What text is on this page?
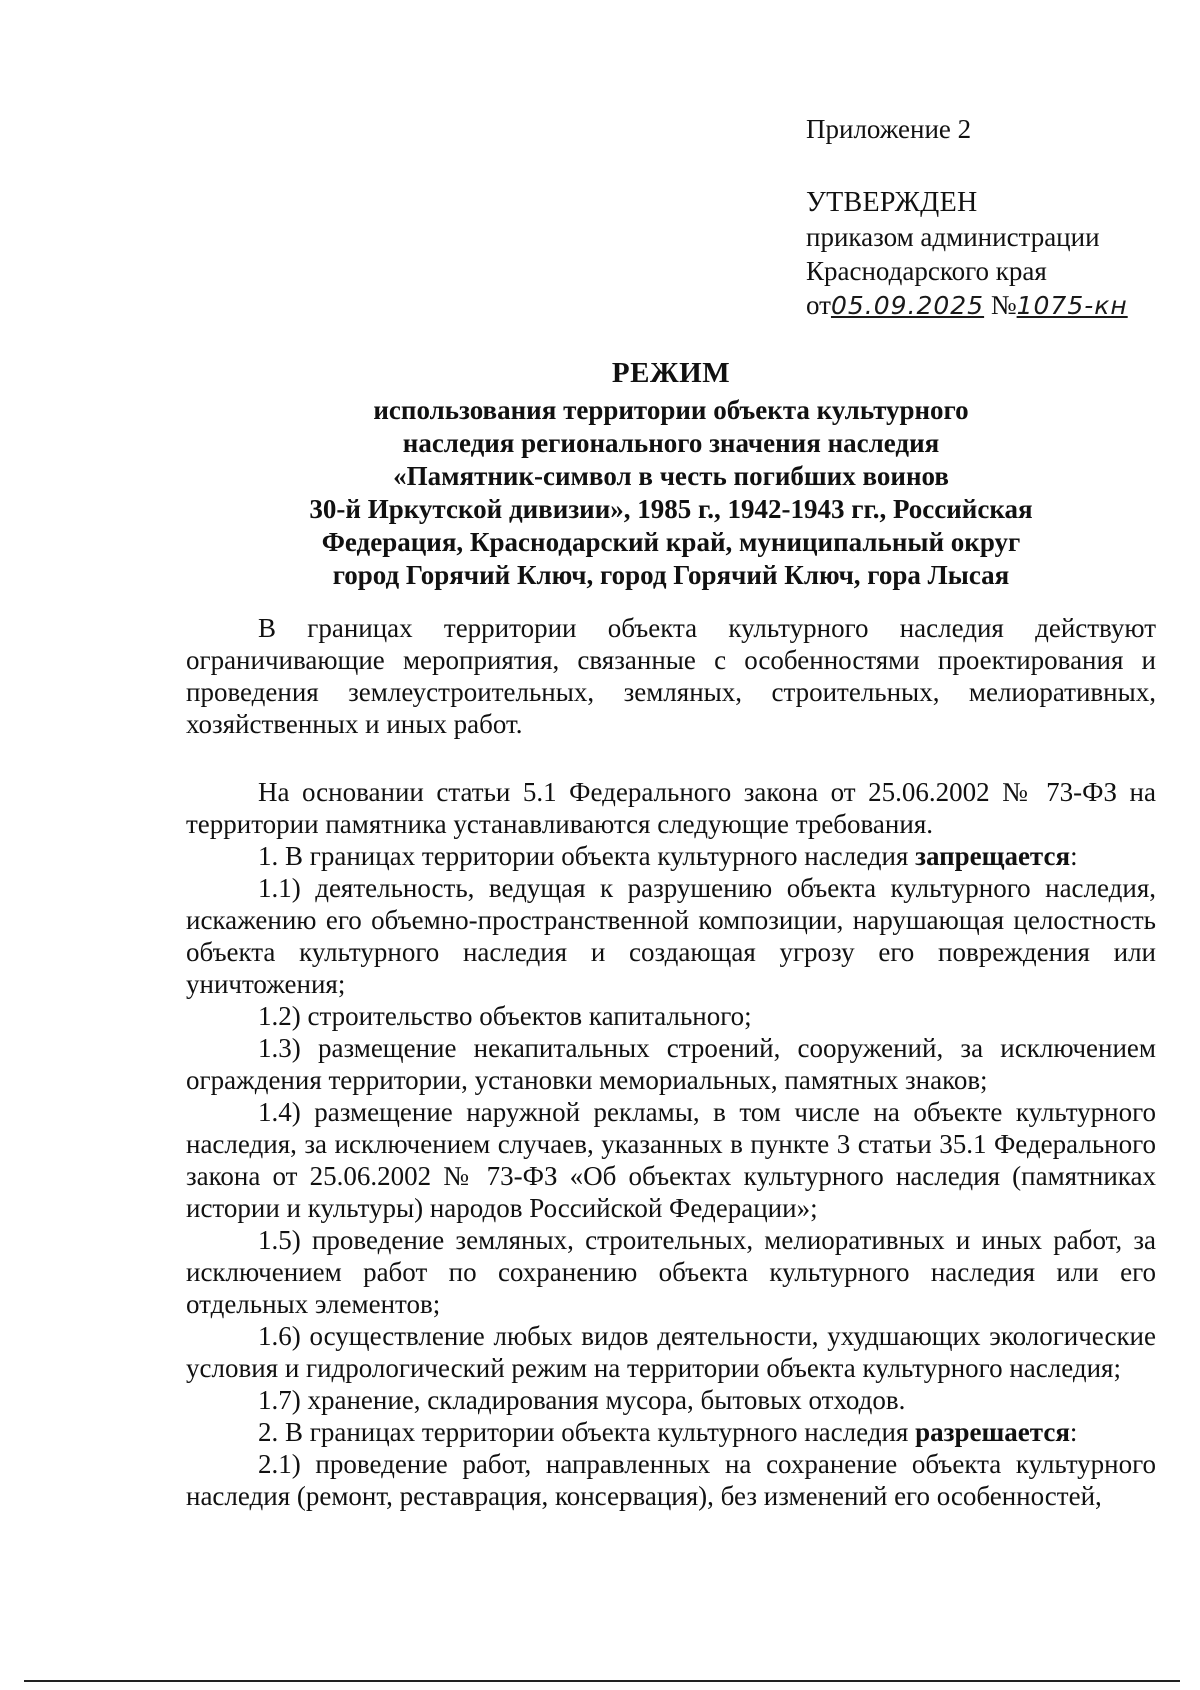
Приложение 2
УТВЕРЖДЕН
приказом администрации
Краснодарского края
от05.09.2025 №1075-кн
РЕЖИМ
использования территории объекта культурного
наследия регионального значения наследия
«Памятник-символ в честь погибших воинов
30-й Иркутской дивизии», 1985 г., 1942-1943 гг., Российская
Федерация, Краснодарский край, муниципальный округ
город Горячий Ключ, город Горячий Ключ, гора Лысая

В границах территории объекта культурного наследия действуют ограничивающие мероприятия, связанные с особенностями проектирования и проведения землеустроительных, земляных, строительных, мелиоративных, хозяйственных и иных работ.

На основании статьи 5.1 Федерального закона от 25.06.2002 № 73-ФЗ на территории памятника устанавливаются следующие требования.

1. В границах территории объекта культурного наследия запрещается:

1.1) деятельность, ведущая к разрушению объекта культурного наследия, искажению его объемно-пространственной композиции, нарушающая целостность объекта культурного наследия и создающая угрозу его повреждения или уничтожения;

1.2) строительство объектов капитального;

1.3) размещение некапитальных строений, сооружений, за исключением ограждения территории, установки мемориальных, памятных знаков;

1.4) размещение наружной рекламы, в том числе на объекте культурного наследия, за исключением случаев, указанных в пункте 3 статьи 35.1 Федерального закона от 25.06.2002 № 73-ФЗ «Об объектах культурного наследия (памятниках истории и культуры) народов Российской Федерации»;

1.5) проведение земляных, строительных, мелиоративных и иных работ, за исключением работ по сохранению объекта культурного наследия или его отдельных элементов;

1.6) осуществление любых видов деятельности, ухудшающих экологические условия и гидрологический режим на территории объекта культурного наследия;

1.7) хранение, складирования мусора, бытовых отходов.

2. В границах территории объекта культурного наследия разрешается:

2.1) проведение работ, направленных на сохранение объекта культурного наследия (ремонт, реставрация, консервация), без изменений его особенностей,
